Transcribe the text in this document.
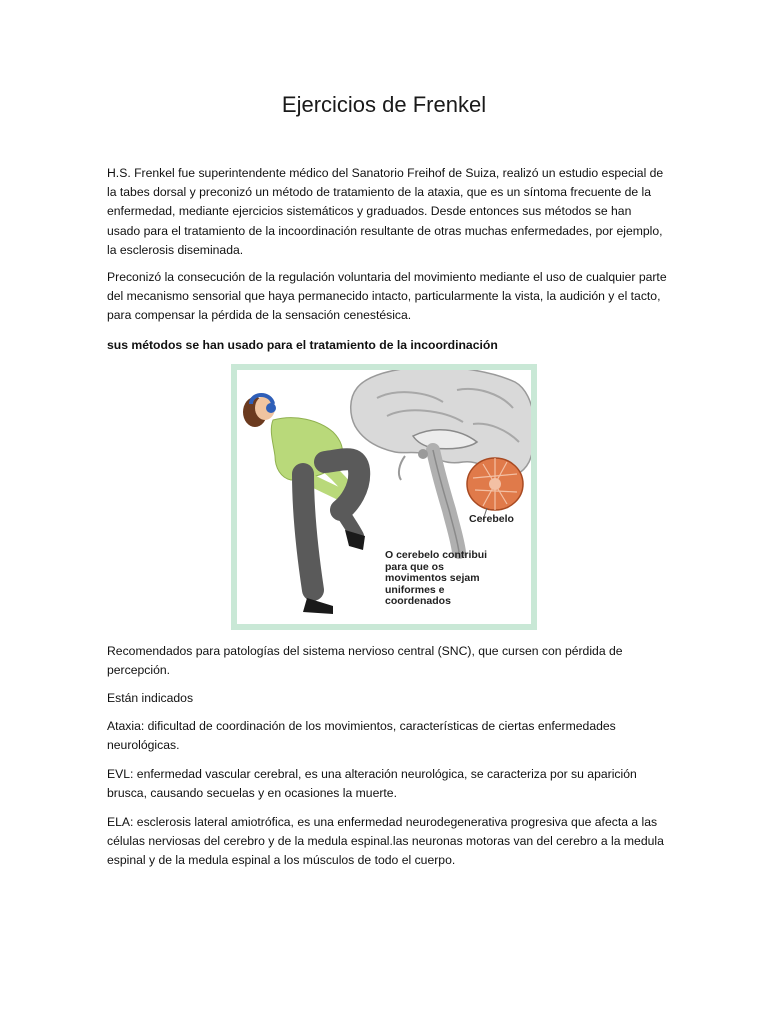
Ejercicios de Frenkel

H.S. Frenkel fue superintendente médico del Sanatorio Freihof de Suiza, realizó un estudio especial de la tabes dorsal y preconizó un método de tratamiento de la ataxia, que es un síntoma frecuente de la enfermedad, mediante ejercicios sistemáticos y graduados. Desde entonces sus métodos se han usado para el tratamiento de la incoordinación resultante de otras muchas enfermedades, por ejemplo, la esclerosis diseminada.

Preconizó la consecución de la regulación voluntaria del movimiento mediante el uso de cualquier parte del mecanismo sensorial que haya permanecido intacto, particularmente la vista, la audición y el tacto, para compensar la pérdida de la sensación cenestésica.

sus métodos se han usado para el tratamiento de la incoordinación

Cerebelo
O cerebelo contribui
para que os
movimentos sejam
uniformes e
coordenados

Recomendados para patologías del sistema nervioso central (SNC), que cursen con pérdida de percepción.

Están indicados

Ataxia: dificultad de coordinación de los movimientos, características de ciertas enfermedades neurológicas.

EVL: enfermedad vascular cerebral, es una alteración neurológica, se caracteriza por su aparición brusca, causando secuelas y en ocasiones la muerte.

ELA: esclerosis lateral amiotrófica, es una enfermedad neurodegenerativa progresiva que afecta a las células nerviosas del cerebro y de la medula espinal.las neuronas motoras van del cerebro a la medula espinal y de la medula espinal a los músculos de todo el cuerpo.
